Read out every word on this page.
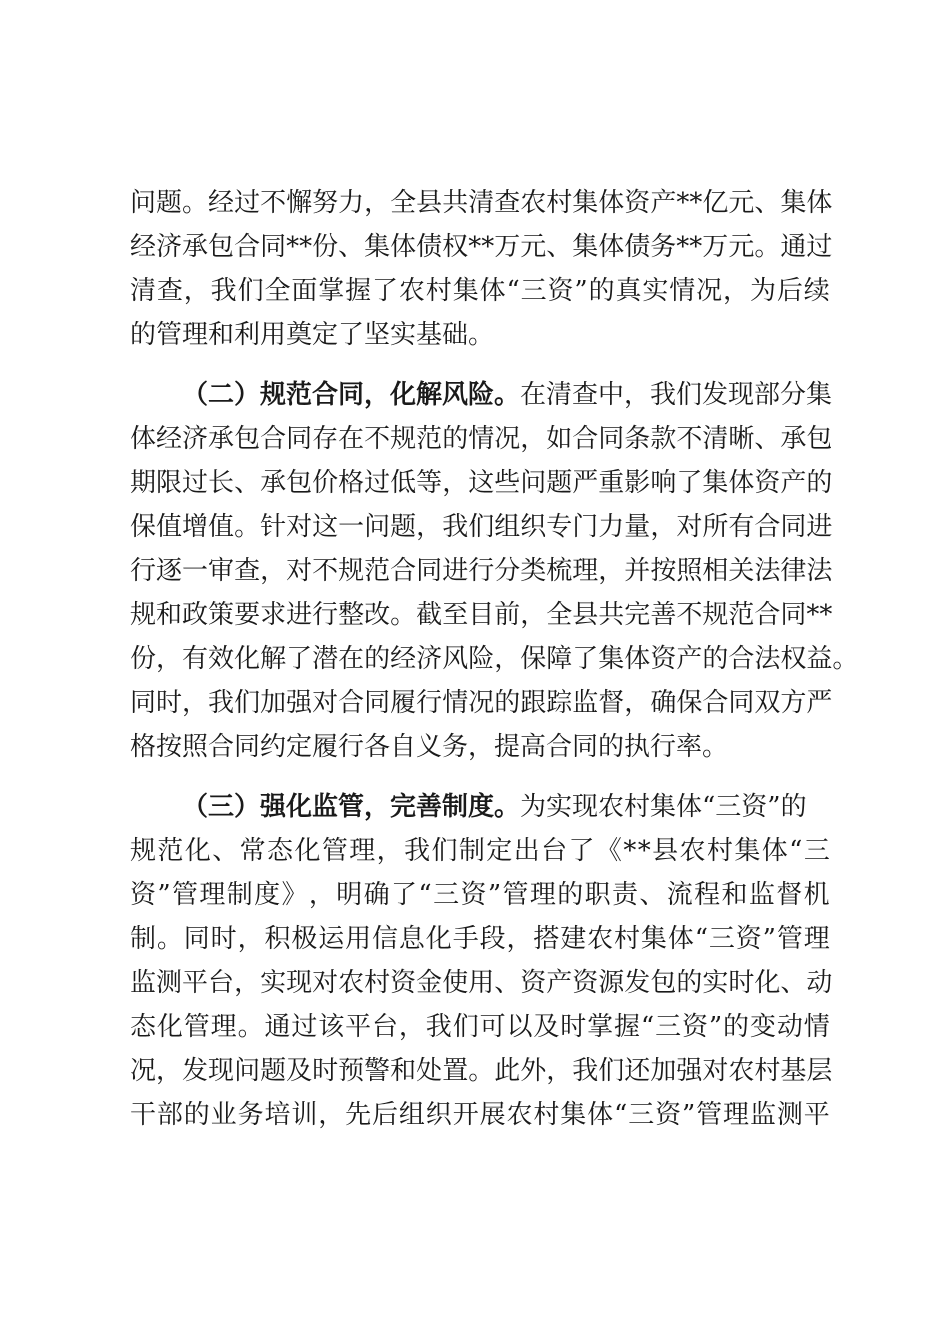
问 题 。 经 过 不 懈 努 力 ， 全 县 共 清 查 农 村 集 体 资 产 * * 亿 元 、 集 体
经 济 承 包 合 同 * * 份 、 集 体 债 权 * * 万 元 、 集 体 债 务 * * 万 元 。 通 过
清 查 ， 我 们 全 面 掌 握 了 农 村 集 体 “ 三 资 ” 的 真 实 情 况 ， 为 后 续
的管理和利用奠定了坚实基础。
（二）规范合同，化解风险。 在清查中，我们发现部分集
体 经 济 承 包 合 同 存 在 不 规 范 的 情 况 ， 如 合 同 条 款 不 清 晰 、 承 包
期 限 过 长 、 承 包 价 格 过 低 等 ， 这 些 问 题 严 重 影 响 了 集 体 资 产 的
保 值 增 值 。 针 对 这 一 问 题 ， 我 们 组 织 专 门 力 量 ， 对 所 有 合 同 进
行 逐 一 审 查 ， 对 不 规 范 合 同 进 行 分 类 梳 理 ， 并 按 照 相 关 法 律 法
规 和 政 策 要 求 进 行 整 改 。 截 至 目 前 ， 全 县 共 完 善 不 规 范 合 同 * *
份 ， 有 效 化 解 了 潜 在 的 经 济 风 险 ， 保 障 了 集 体 资 产 的 合 法 权 益 。
同 时 ， 我 们 加 强 对 合 同 履 行 情 况 的 跟 踪 监 督 ， 确 保 合 同 双 方 严
格按照合同约定履行各自义务，提高合同的执行率。
（三）强化监管，完善制度。 为实现农村集体“三资”的
规 范 化 、 常 态 化 管 理 ， 我 们 制 定 出 台 了 《 * * 县 农 村 集 体 “ 三
资 ” 管 理 制 度 》 ， 明 确 了 “ 三 资 ” 管 理 的 职 责 、 流 程 和 监 督 机
制 。 同 时 ， 积 极 运 用 信 息 化 手 段 ， 搭 建 农 村 集 体 “ 三 资 ” 管 理
监 测 平 台 ， 实 现 对 农 村 资 金 使 用 、 资 产 资 源 发 包 的 实 时 化 、 动
态 化 管 理 。 通 过 该 平 台 ， 我 们 可 以 及 时 掌 握 “ 三 资 ” 的 变 动 情
况 ， 发 现 问 题 及 时 预 警 和 处 置 。 此 外 ， 我 们 还 加 强 对 农 村 基 层
干 部 的 业 务 培 训 ， 先 后 组 织 开 展 农 村 集 体 “ 三 资 ” 管 理 监 测 平
